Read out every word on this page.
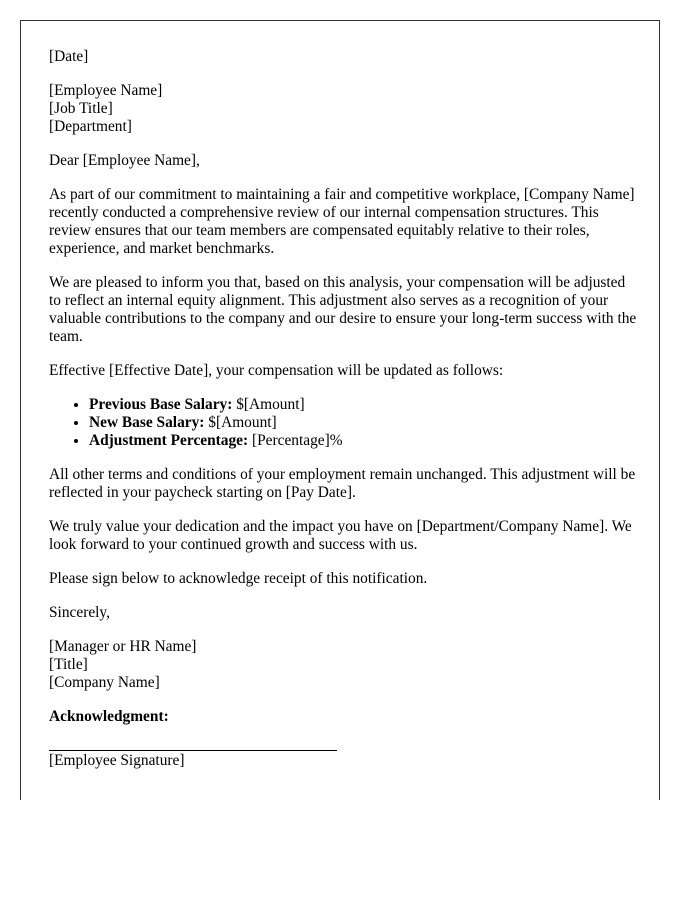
[Date]

[Employee Name]
[Job Title]
[Department]

Dear [Employee Name],

As part of our commitment to maintaining a fair and competitive workplace, [Company Name] recently conducted a comprehensive review of our internal compensation structures. This review ensures that our team members are compensated equitably relative to their roles, experience, and market benchmarks.

We are pleased to inform you that, based on this analysis, your compensation will be adjusted to reflect an internal equity alignment. This adjustment also serves as a recognition of your valuable contributions to the company and our desire to ensure your long-term success with the team.

Effective [Effective Date], your compensation will be updated as follows:

• Previous Base Salary: $[Amount]
• New Base Salary: $[Amount]
• Adjustment Percentage: [Percentage]%

All other terms and conditions of your employment remain unchanged. This adjustment will be reflected in your paycheck starting on [Pay Date].

We truly value your dedication and the impact you have on [Department/Company Name]. We look forward to your continued growth and success with us.

Please sign below to acknowledge receipt of this notification.

Sincerely,

[Manager or HR Name]
[Title]
[Company Name]

Acknowledgment:

[Employee Signature]
